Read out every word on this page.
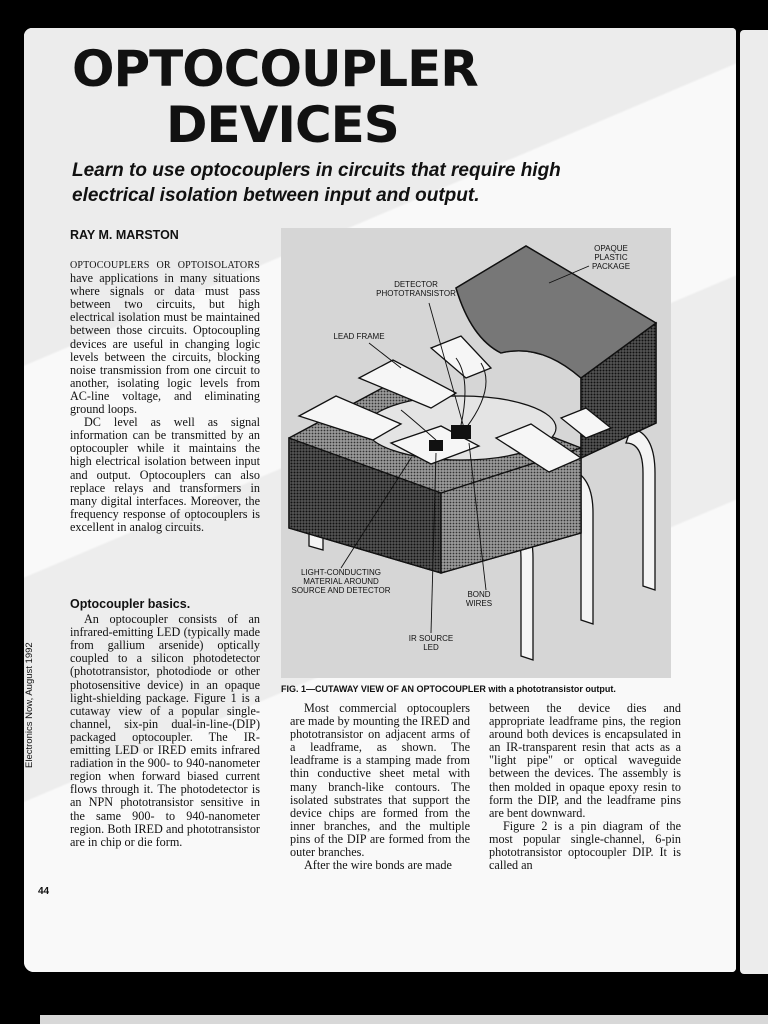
OPTOCOUPLER
DEVICES
Learn to use optocouplers in circuits that require high electrical isolation between input and output.
RAY M. MARSTON

OPTOCOUPLERS OR OPTOISOLATORS have applications in many situations where signals or data must pass between two circuits, but high electrical isolation must be maintained between those circuits. Optocoupling devices are useful in changing logic levels between the circuits, blocking noise transmission from one circuit to another, isolating logic levels from AC-line voltage, and eliminating ground loops.

DC level as well as signal information can be transmitted by an optocoupler while it maintains the high electrical isolation between input and output. Optocouplers can also replace relays and transformers in many digital interfaces. Moreover, the frequency response of optocouplers is excellent in analog circuits.

Optocoupler basics.

An optocoupler consists of an infrared-emitting LED (typically made from gallium arsenide) optically coupled to a silicon photodetector (phototransistor, photodiode or other photosensitive device) in an opaque light-shielding package. Figure 1 is a cutaway view of a popular single-channel, six-pin dual-in-line-(DIP) packaged optocoupler. The IR-emitting LED or IRED emits infrared radiation in the 900- to 940-nanometer region when forward biased current flows through it. The photodetector is an NPN phototransistor sensitive in the same 900- to 940-nanometer region. Both IRED and phototransistor are in chip or die form.

OPAQUE PLASTIC PACKAGE
DETECTOR PHOTOTRANSISTOR
LEAD FRAME
LIGHT-CONDUCTING MATERIAL AROUND SOURCE AND DETECTOR	BOND WIRES
IR SOURCE LED
FIG. 1—CUTAWAY VIEW OF AN OPTOCOUPLER with a phototransistor output.

Most commercial optocouplers are made by mounting the IRED and phototransistor on adjacent arms of a leadframe, as shown. The leadframe is a stamping made from thin conductive sheet metal with many branch-like contours. The isolated substrates that support the device chips are formed from the inner branches, and the multiple pins of the DIP are formed from the outer branches.

After the wire bonds are made

between the device dies and appropriate leadframe pins, the region around both devices is encapsulated in an IR-transparent resin that acts as a "light pipe" or optical waveguide between the devices. The assembly is then molded in opaque epoxy resin to form the DIP, and the leadframe pins are bent downward.

Figure 2 is a pin diagram of the most popular single-channel, 6-pin phototransistor optocoupler DIP. It is called an

Electronics Now, August 1992
44
